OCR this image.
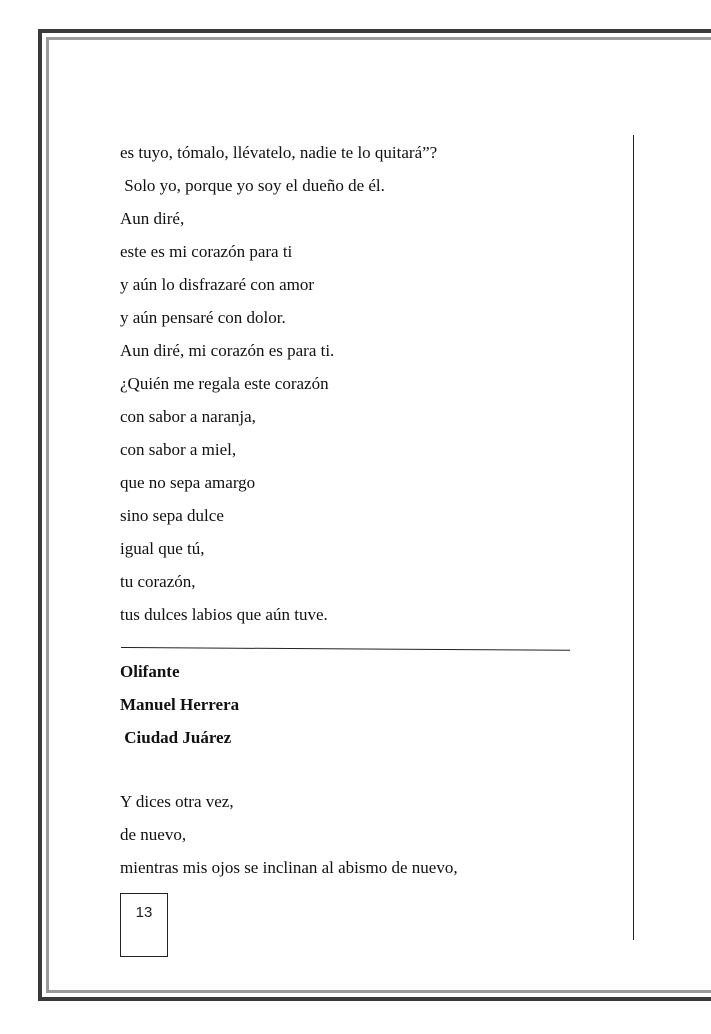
es tuyo, tómalo, llévatelo, nadie te lo quitará”?
Solo yo, porque yo soy el dueño de él.
Aun diré,
este es mi corazón para ti
y aún lo disfrazaré con amor
y aún pensaré con dolor.
Aun diré, mi corazón es para ti.
¿Quién me regala este corazón
con sabor a naranja,
con sabor a miel,
que no sepa amargo
sino sepa dulce
igual que tú,
tu corazón,
tus dulces labios que aún tuve.
Olifante
Manuel Herrera
Ciudad Juárez
Y dices otra vez,
de nuevo,
mientras mis ojos se inclinan al abismo de nuevo,
13
